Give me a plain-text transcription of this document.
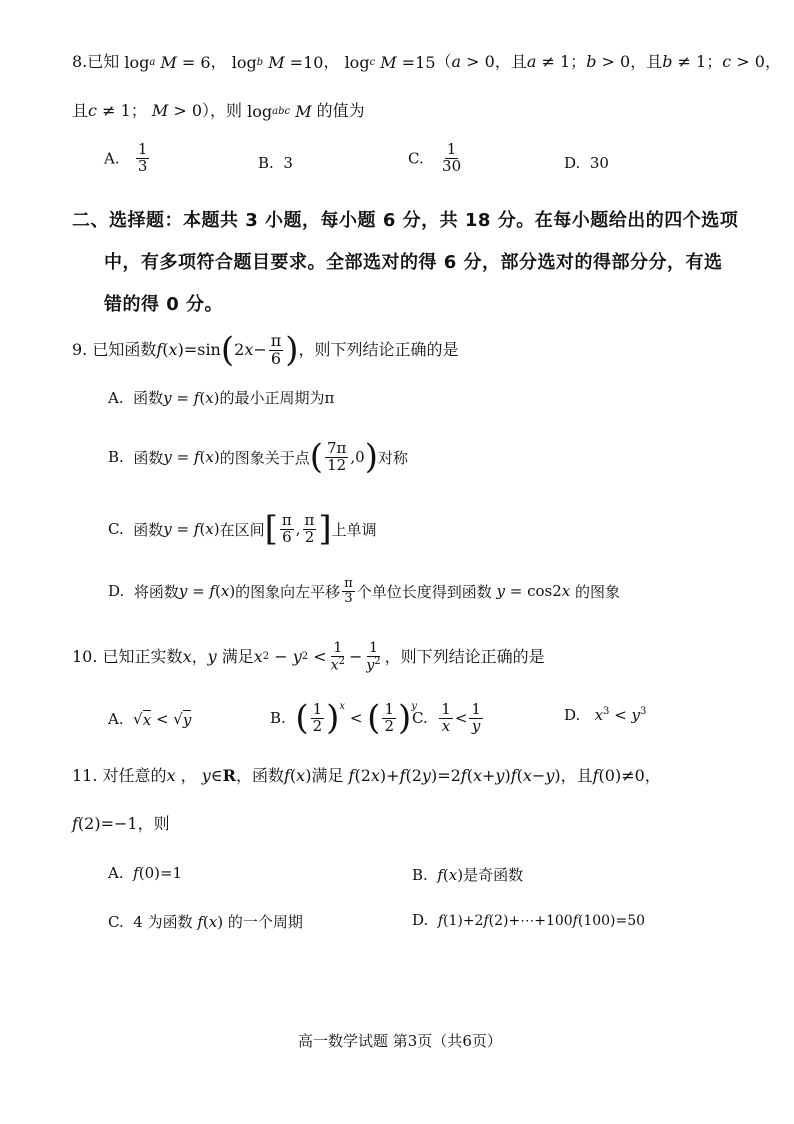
8.已知 log a
M = 6， log b
M =10， log c
M =15（a > 0，且a ≠ 1；b > 0，且b ≠ 1；c > 0，
且c ≠ 1； M > 0），则 log abc
M 的值为
A. $\frac{1}{3}$	B. 3	C. $\frac{1}{30}$	D. 30
二、选择题：本题共 3 小题，每小题 6 分，共 18 分。在每小题给出的四个选项
中，有多项符合题目要求。全部选对的得 6 分，部分选对的得部分分，有选
错的得 0 分。
9.
已知函数 f ( x )=sin ( 2 $x - \frac{\pi}{6}$ ) ，则下列结论正确的是
A. 函数y = f(x)的最小正周期为π
B.
函数 y = f ( x ) 的图象关于点 ( $\frac{7\pi}{12} ,0$ ) 对称
C.
函数 y = f ( x ) 在区间 [ $\frac{\pi}{6}$ , $\frac{\pi}{2}$ ] 上单调
D.
将函数 y = f ( x ) 的图象向左平移 $\frac{\pi}{3}$ 个单位长度得到函数
y = cos2 x
的图象
10.
已知正实数 x ， y
满足 x 2 − y $2 < \frac{1}{x^2} - \frac{1}{y^2}$ ，则下列结论正确的是
A.
√ x < √ y	B.
( $\frac{1}{2}$ ) $^x$
< ( $\frac{1}{2}$ ) $^y$
C.
$\frac{1}{x} < \frac{1}{y}$	D. $x^3 < y^3$
11. 对任意的x ， y∈R，函数f(x)满足 f(2x)+f(2y)=2f(x+y)f(x−y)，且f(0)≠0，
f(2)=−1，则
A. f(0)=1	B. f(x)是奇函数
C. 4 为函数 f(x) 的一个周期	D. f(1)+2f(2)+⋯+100f(100)=50
高一数学试题 第3页（共6页）
